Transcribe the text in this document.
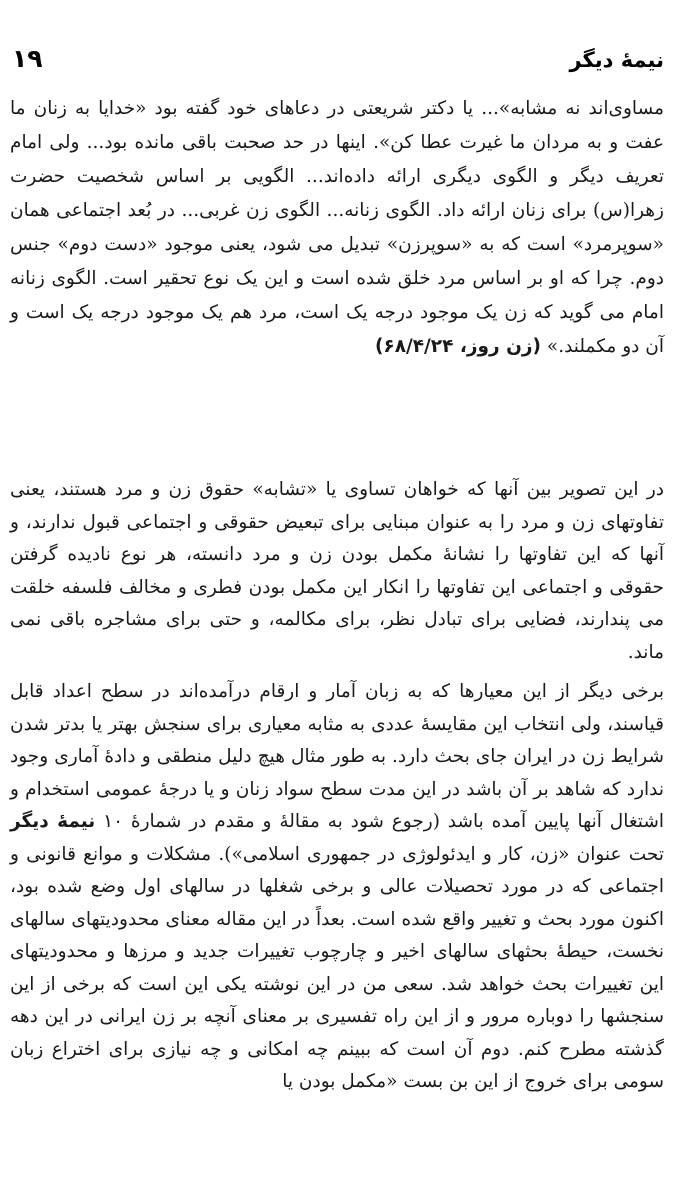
۱۹	نیمهٔ دیگر
مساوی‌اند نه مشابه»... یا دکتر شریعتی در دعاهای خود گفته بود «خدایا به زنان ما عفت و به مردان ما غیرت عطا کن». اینها در حد صحبت باقی مانده بود... ولی امام تعریف دیگر و الگوی دیگری ارائه داده‌اند... الگویی بر اساس شخصیت حضرت زهرا(س) برای زنان ارائه داد. الگوی زنانه... الگوی زن غربی... در بُعد اجتماعی همان «سوپرمرد» است که به «سوپرزن» تبدیل می شود، یعنی موجود «دست دوم» جنس دوم. چرا که او بر اساس مرد خلق شده است و این یک نوع تحقیر است. الگوی زنانه امام می گوید که زن یک موجود درجه یک است، مرد هم یک موجود درجه یک است و آن دو مکملند.» (زن روز، ۶۸/۴/۲۴)

در این تصویر بین آنها که خواهان تساوی یا «تشابه» حقوق زن و مرد هستند، یعنی تفاوتهای زن و مرد را به عنوان مبنایی برای تبعیض حقوقی و اجتماعی قبول ندارند، و آنها که این تفاوتها را نشانهٔ مکمل بودن زن و مرد دانسته، هر نوع نادیده گرفتن حقوقی و اجتماعی این تفاوتها را انکار این مکمل بودن فطری و مخالف فلسفه خلقت می پندارند، فضایی برای تبادل نظر، برای مکالمه، و حتی برای مشاجره باقی نمی ماند.

برخی دیگر از این معیارها که به زبان آمار و ارقام درآمده‌اند در سطح اعداد قابل قیاسند، ولی انتخاب این مقایسهٔ عددی به مثابه معیاری برای سنجش بهتر یا بدتر شدن شرایط زن در ایران جای بحث دارد. به طور مثال هیچ دلیل منطقی و دادهٔ آماری وجود ندارد که شاهد بر آن باشد در این مدت سطح سواد زنان و یا درجهٔ عمومی استخدام و اشتغال آنها پایین آمده باشد (رجوع شود به مقالهٔ و مقدم در شمارهٔ ۱۰ نیمهٔ دیگر تحت عنوان «زن، کار و ایدئولوژی در جمهوری اسلامی»). مشکلات و موانع قانونی و اجتماعی که در مورد تحصیلات عالی و برخی شغلها در سالهای اول وضع شده بود، اکنون مورد بحث و تغییر واقع شده است. بعداً در این مقاله معنای محدودیتهای سالهای نخست، حیطهٔ بحثهای سالهای اخیر و چارچوب تغییرات جدید و مرزها و محدودیتهای این تغییرات بحث خواهد شد. سعی من در این نوشته یکی این است که برخی از این سنجشها را دوباره مرور و از این راه تفسیری بر معنای آنچه بر زن ایرانی در این دهه گذشته مطرح کنم. دوم آن است که ببینم چه امکانی و چه نیازی برای اختراع زبان سومی برای خروج از این بن بست «مکمل بودن یا
